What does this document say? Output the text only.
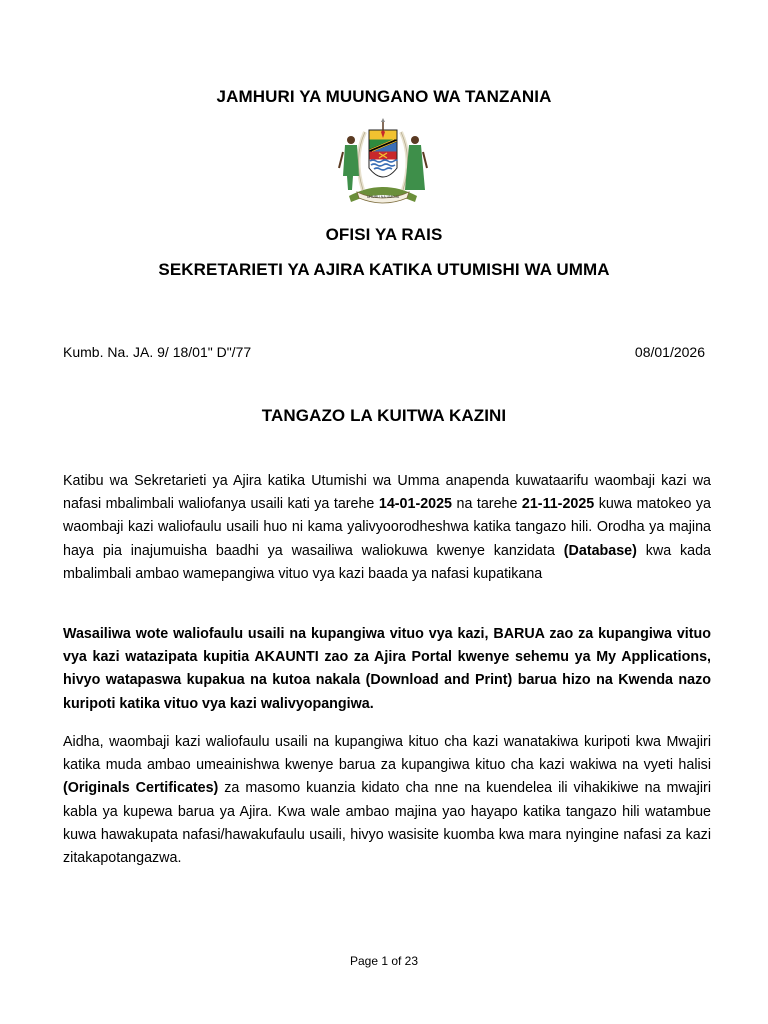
JAMHURI YA MUUNGANO WA TANZANIA
UHURU NA UMOJA
OFISI YA RAIS
SEKRETARIETI YA AJIRA KATIKA UTUMISHI WA UMMA
Kumb. Na. JA. 9/ 18/01" D"/77	08/01/2026
TANGAZO LA KUITWA KAZINI
Katibu wa Sekretarieti ya Ajira katika Utumishi wa Umma anapenda kuwataarifu waombaji kazi wa nafasi mbalimbali waliofanya usaili kati ya tarehe 14-01-2025 na tarehe 21-11-2025 kuwa matokeo ya waombaji kazi waliofaulu usaili huo ni kama yalivyoorodheshwa katika tangazo hili. Orodha ya majina haya pia inajumuisha baadhi ya wasailiwa waliokuwa kwenye kanzidata (Database) kwa kada mbalimbali ambao wamepangiwa vituo vya kazi baada ya nafasi kupatikana
Wasailiwa wote waliofaulu usaili na kupangiwa vituo vya kazi, BARUA zao za kupangiwa vituo vya kazi watazipata kupitia AKAUNTI zao za Ajira Portal kwenye sehemu ya My Applications, hivyo watapaswa kupakua na kutoa nakala (Download and Print) barua hizo na Kwenda nazo kuripoti katika vituo vya kazi walivyopangiwa.
Aidha, waombaji kazi waliofaulu usaili na kupangiwa kituo cha kazi wanatakiwa kuripoti kwa Mwajiri katika muda ambao umeainishwa kwenye barua za kupangiwa kituo cha kazi wakiwa na vyeti halisi (Originals Certificates) za masomo kuanzia kidato cha nne na kuendelea ili vihakikiwe na mwajiri kabla ya kupewa barua ya Ajira. Kwa wale ambao majina yao hayapo katika tangazo hili watambue kuwa hawakupata nafasi/hawakufaulu usaili, hivyo wasisite kuomba kwa mara nyingine nafasi za kazi zitakapotangazwa.
Page 1 of 23
